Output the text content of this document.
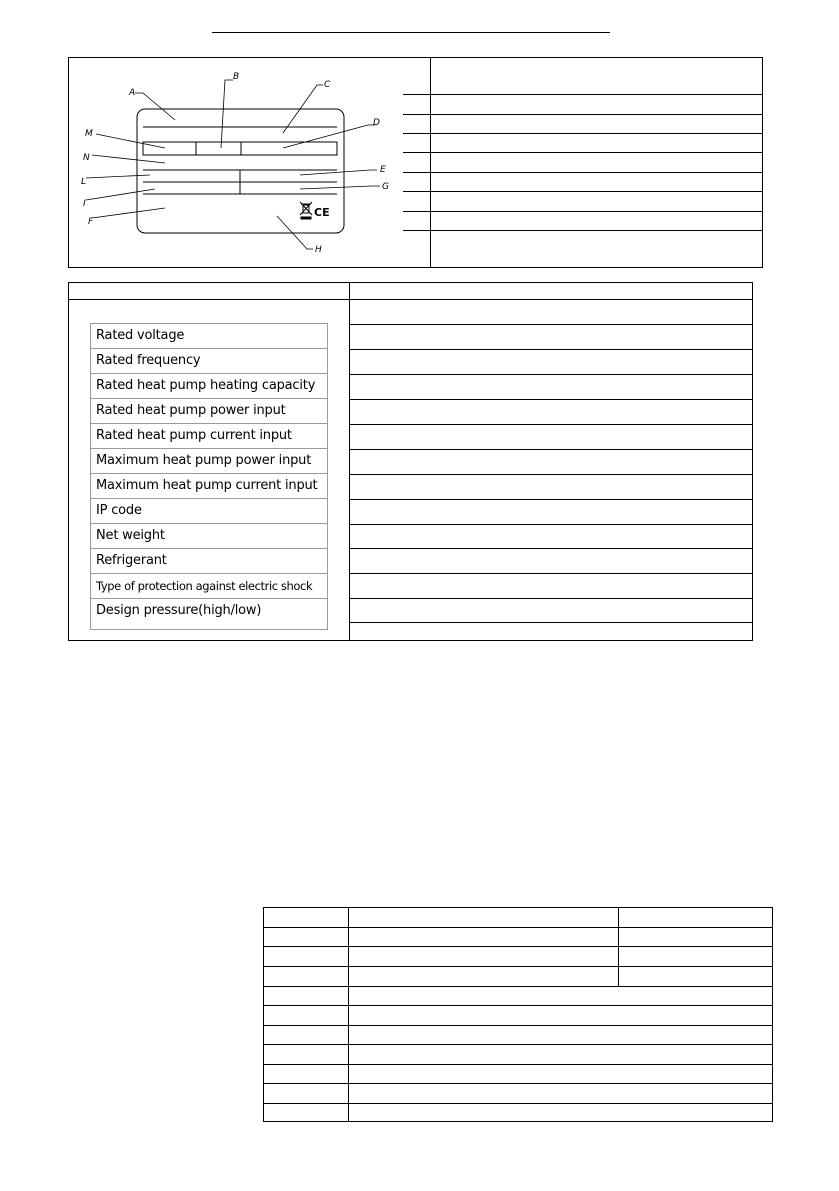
CE
A
B
C
D
E
G
H
F
I
L
N
M
Rated voltage
Rated frequency
Rated heat pump heating capacity
Rated heat pump power input
Rated heat pump current input
Maximum heat pump power input
Maximum heat pump current input
IP code
Net weight
Refrigerant
Type of protection against electric shock
Design pressure(high/low)
